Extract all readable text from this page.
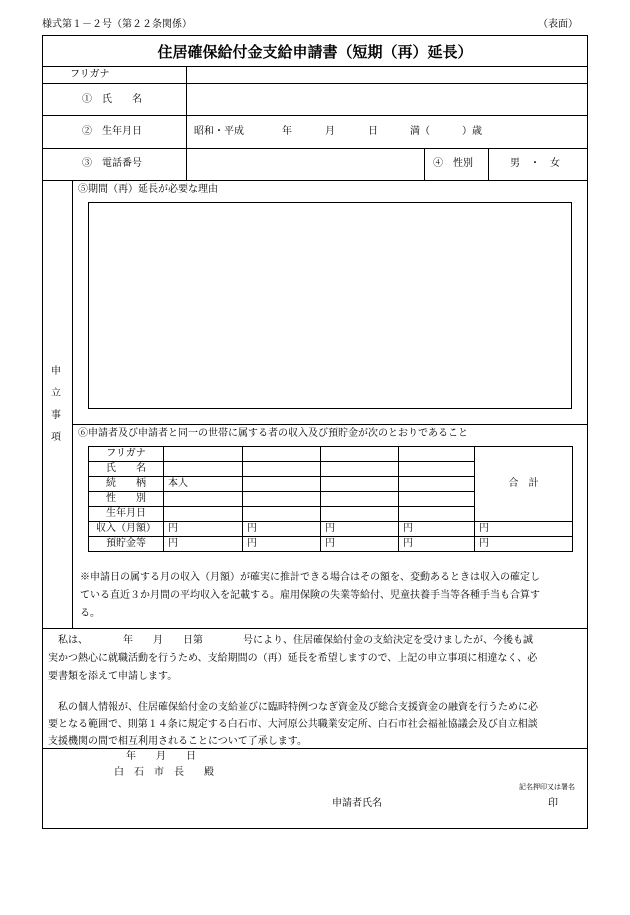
様式第１－２号（第２２条関係）	（表面）
住居確保給付金支給申請書（短期（再）延長）
フリガナ
①　氏　　名
②　生年月日	昭和・平成	年	月	日	満（	）歳
③　電話番号	④　性別	男　・　女
申
立
事
項
⑤期間（再）延長が必要な理由
⑥申請者及び申請者と同一の世帯に属する者の収入及び預貯金が次のとおりであること
フリガナ					合　計
氏　　名					
続　　柄	本人				
性　　別					
生年月日					
収入（月額）	円	円	円	円	円
預貯金等	円	円	円	円	円
※申請日の属する月の収入（月額）が確実に推計できる場合はその額を、変動あるときは収入の確定し
ている直近３か月間の平均収入を記載する。雇用保険の失業等給付、児童扶養手当等各種手当も合算す
る。
　私は、　　　　年　　月　　日第　　　　号により、住居確保給付金の支給決定を受けましたが、今後も誠
実かつ熱心に就職活動を行うため、支給期間の（再）延長を希望しますので、上記の申立事項に相違なく、必
要書類を添えて申請します。
　私の個人情報が、住居確保給付金の支給並びに臨時特例つなぎ資金及び総合支援資金の融資を行うために必
要となる範囲で、則第１４条に規定する白石市、大河原公共職業安定所、白石市社会福祉協議会及び自立相談
支援機関の間で相互利用されることについて了承します。
年　　月　　日
白　石　市　長　　殿
記名押印又は署名
申請者氏名	印
